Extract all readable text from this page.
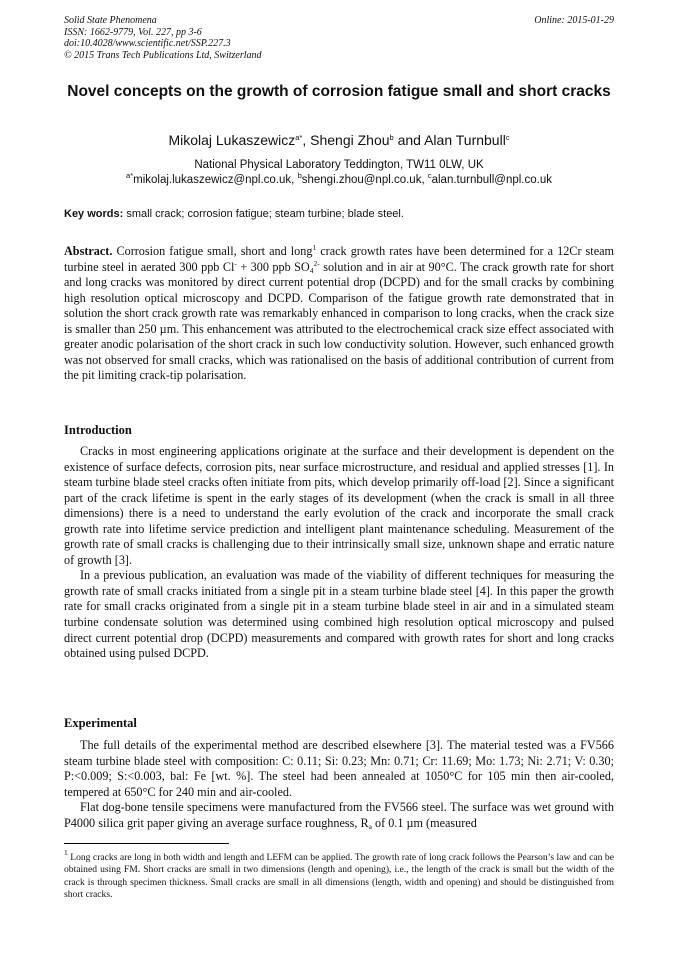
Solid State Phenomena
ISSN: 1662-9779, Vol. 227, pp 3-6
doi:10.4028/www.scientific.net/SSP.227.3
© 2015 Trans Tech Publications Ltd, Switzerland
Online: 2015-01-29
Novel concepts on the growth of corrosion fatigue small and short cracks
Mikolaj Lukaszewicz$^{a*}$, Shengi Zhou$^b$ and Alan Turnbull$^c$
National Physical Laboratory Teddington, TW11 0LW, UK
$^{a*}$mikolaj.lukaszewicz@npl.co.uk, $^b$shengi.zhou@npl.co.uk, $^c$alan.turnbull@npl.co.uk
Key words: small crack; corrosion fatigue; steam turbine; blade steel.

Abstract. Corrosion fatigue small, short and long$^1$ crack growth rates have been determined for a 12Cr steam turbine steel in aerated 300 ppb Cl- + 300 ppb $SO_4^{2-}$ solution and in air at 90°C. The crack growth rate for short and long cracks was monitored by direct current potential drop (DCPD) and for the small cracks by combining high resolution optical microscopy and DCPD. Comparison of the fatigue growth rate demonstrated that in solution the short crack growth rate was remarkably enhanced in comparison to long cracks, when the crack size is smaller than 250 µm. This enhancement was attributed to the electrochemical crack size effect associated with greater anodic polarisation of the short crack in such low conductivity solution. However, such enhanced growth was not observed for small cracks, which was rationalised on the basis of additional contribution of current from the pit limiting crack-tip polarisation.

Introduction

Cracks in most engineering applications originate at the surface and their development is dependent on the existence of surface defects, corrosion pits, near surface microstructure, and residual and applied stresses [1]. In steam turbine blade steel cracks often initiate from pits, which develop primarily off-load [2]. Since a significant part of the crack lifetime is spent in the early stages of its development (when the crack is small in all three dimensions) there is a need to understand the early evolution of the crack and incorporate the small crack growth rate into lifetime service prediction and intelligent plant maintenance scheduling. Measurement of the growth rate of small cracks is challenging due to their intrinsically small size, unknown shape and erratic nature of growth [3].

In a previous publication, an evaluation was made of the viability of different techniques for measuring the growth rate of small cracks initiated from a single pit in a steam turbine blade steel [4]. In this paper the growth rate for small cracks originated from a single pit in a steam turbine blade steel in air and in a simulated steam turbine condensate solution was determined using combined high resolution optical microscopy and pulsed direct current potential drop (DCPD) measurements and compared with growth rates for short and long cracks obtained using pulsed DCPD.

Experimental

The full details of the experimental method are described elsewhere [3]. The material tested was a FV566 steam turbine blade steel with composition: C: 0.11; Si: 0.23; Mn: 0.71; Cr: 11.69; Mo: 1.73; Ni: 2.71; V: 0.30; P:<0.009; S:<0.003, bal: Fe [wt. %]. The steel had been annealed at 1050°C for 105 min then air-cooled, tempered at 650°C for 240 min and air-cooled.

Flat dog-bone tensile specimens were manufactured from the FV566 steel. The surface was wet ground with P4000 silica grit paper giving an average surface roughness, $R_a$ of 0.1 µm (measured

$^1$ Long cracks are long in both width and length and LEFM can be applied. The growth rate of long crack follows the Pearson’s law and can be obtained using FM. Short cracks are small in two dimensions (length and opening), i.e., the length of the crack is small but the width of the crack is through specimen thickness. Small cracks are small in all dimensions (length, width and opening) and should be distinguished from short cracks.
